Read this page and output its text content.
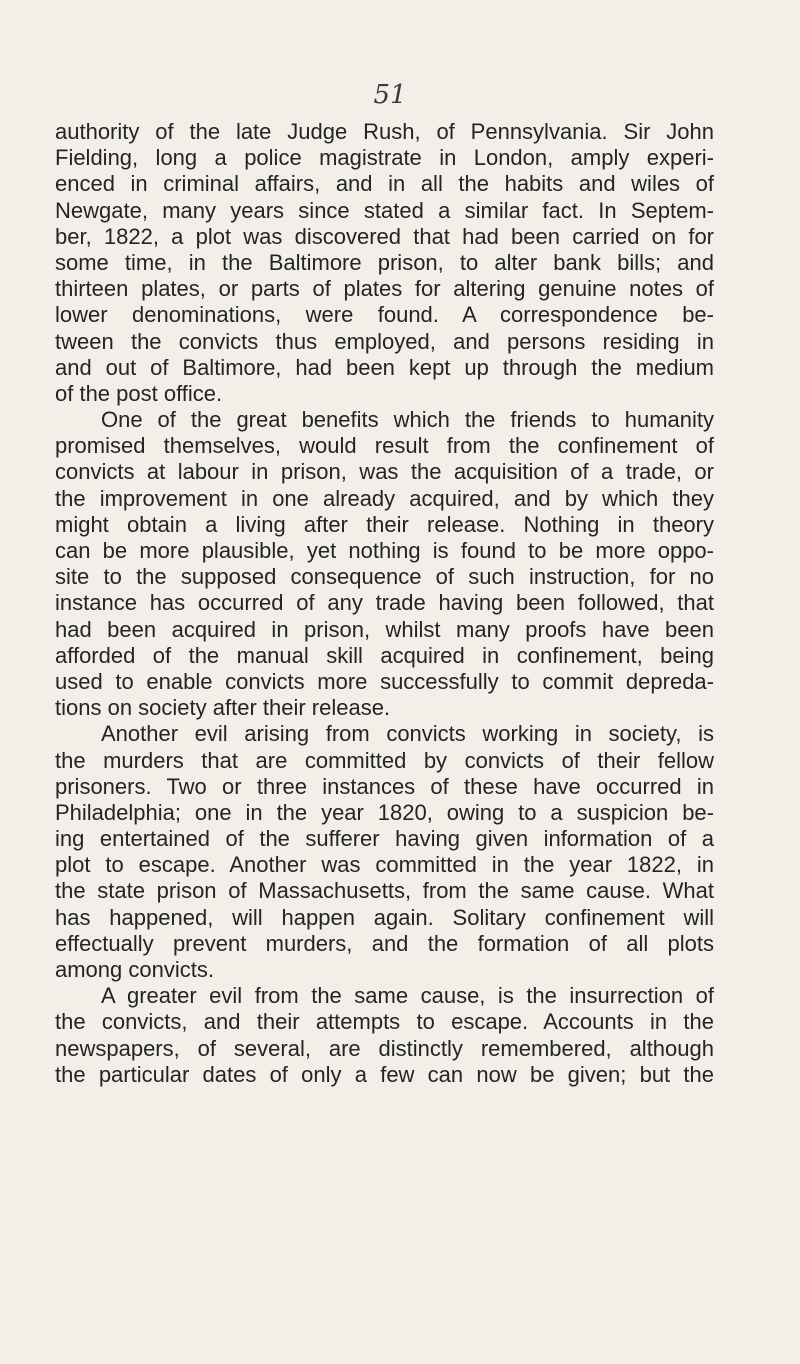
51
authority of the late Judge Rush, of Pennsylvania. Sir John
Fielding, long a police magistrate in London, amply experi-
enced in criminal affairs, and in all the habits and wiles of
Newgate, many years since stated a similar fact. In Septem-
ber, 1822, a plot was discovered that had been carried on for
some time, in the Baltimore prison, to alter bank bills; and
thirteen plates, or parts of plates for altering genuine notes of
lower denominations, were found. A correspondence be-
tween the convicts thus employed, and persons residing in
and out of Baltimore, had been kept up through the medium
of the post office.
One of the great benefits which the friends to humanity
promised themselves, would result from the confinement of
convicts at labour in prison, was the acquisition of a trade, or
the improvement in one already acquired, and by which they
might obtain a living after their release. Nothing in theory
can be more plausible, yet nothing is found to be more oppo-
site to the supposed consequence of such instruction, for no
instance has occurred of any trade having been followed, that
had been acquired in prison, whilst many proofs have been
afforded of the manual skill acquired in confinement, being
used to enable convicts more successfully to commit depreda-
tions on society after their release.
Another evil arising from convicts working in society, is
the murders that are committed by convicts of their fellow
prisoners. Two or three instances of these have occurred in
Philadelphia; one in the year 1820, owing to a suspicion be-
ing entertained of the sufferer having given information of a
plot to escape. Another was committed in the year 1822, in
the state prison of Massachusetts, from the same cause. What
has happened, will happen again. Solitary confinement will
effectually prevent murders, and the formation of all plots
among convicts.
A greater evil from the same cause, is the insurrection of
the convicts, and their attempts to escape. Accounts in the
newspapers, of several, are distinctly remembered, although
the particular dates of only a few can now be given; but the
